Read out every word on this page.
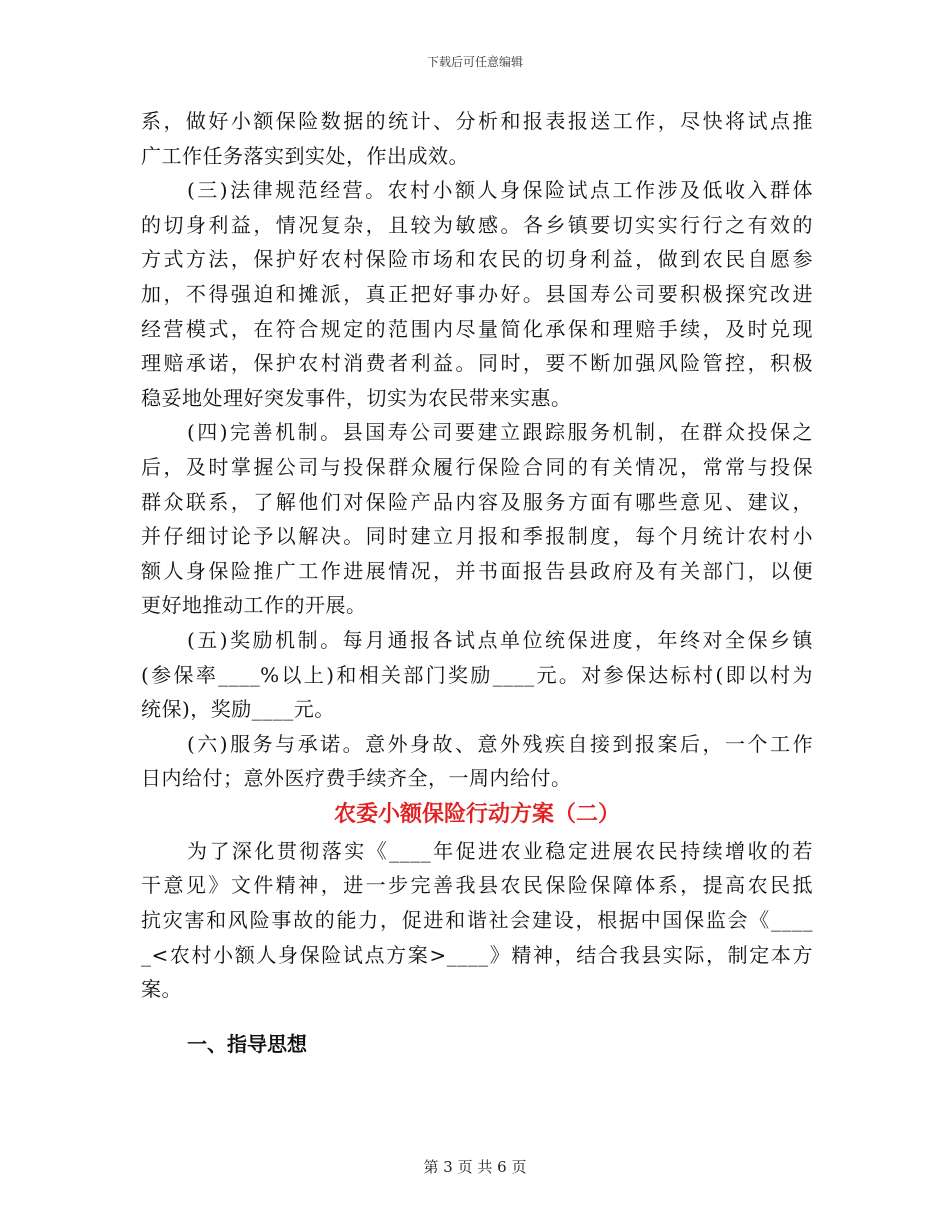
下载后可任意编辑
系，做好小额保险数据的统计、分析和报表报送工作，尽快将试点推
广工作任务落实到实处，作出成效。
(三)法律规范经营。农村小额人身保险试点工作涉及低收入群体
的切身利益，情况复杂，且较为敏感。各乡镇要切实实行行之有效的
方式方法，保护好农村保险市场和农民的切身利益，做到农民自愿参
加，不得强迫和摊派，真正把好事办好。县国寿公司要积极探究改进
经营模式，在符合规定的范围内尽量简化承保和理赔手续，及时兑现
理赔承诺，保护农村消费者利益。同时，要不断加强风险管控，积极
稳妥地处理好突发事件，切实为农民带来实惠。
(四)完善机制。县国寿公司要建立跟踪服务机制，在群众投保之
后，及时掌握公司与投保群众履行保险合同的有关情况，常常与投保
群众联系，了解他们对保险产品内容及服务方面有哪些意见、建议，
并仔细讨论予以解决。同时建立月报和季报制度，每个月统计农村小
额人身保险推广工作进展情况，并书面报告县政府及有关部门，以便
更好地推动工作的开展。
(五)奖励机制。每月通报各试点单位统保进度，年终对全保乡镇
(参保率____%以上)和相关部门奖励____元。对参保达标村(即以村为
统保)，奖励____元。
(六)服务与承诺。意外身故、意外残疾自接到报案后，一个工作
日内给付；意外医疗费手续齐全，一周内给付。
农委小额保险行动方案（二）
为了深化贯彻落实《____年促进农业稳定进展农民持续增收的若
干意见》文件精神，进一步完善我县农民保险保障体系，提高农民抵
抗灾害和风险事故的能力，促进和谐社会建设，根据中国保监会《____
_<农村小额人身保险试点方案>____》精神，结合我县实际，制定本方
案。
一、指导思想
第 3 页 共 6 页
